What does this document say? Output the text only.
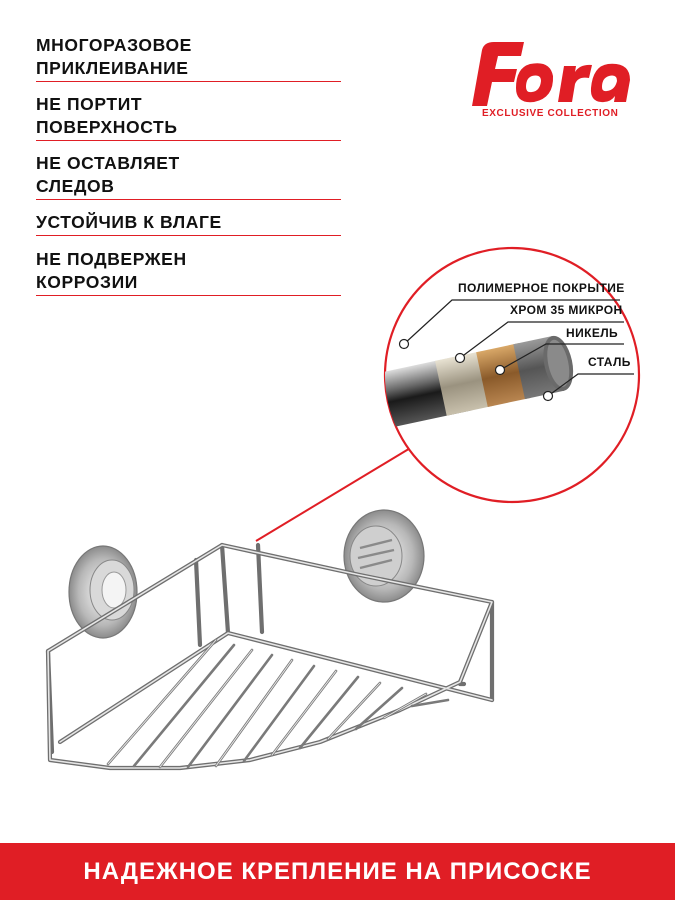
МНОГОРАЗОВОЕ
ПРИКЛЕИВАНИЕ
НЕ ПОРТИТ
ПОВЕРХНОСТЬ
НЕ ОСТАВЛЯЕТ
СЛЕДОВ
УСТОЙЧИВ К ВЛАГЕ
НЕ ПОДВЕРЖЕН
КОРРОЗИИ
EXCLUSIVE COLLECTION
ПОЛИМЕРНОЕ ПОКРЫТИЕ
ХРОМ 35 МИКРОН
НИКЕЛЬ
СТАЛЬ
НАДЕЖНОЕ КРЕПЛЕНИЕ НА ПРИСОСКЕ
